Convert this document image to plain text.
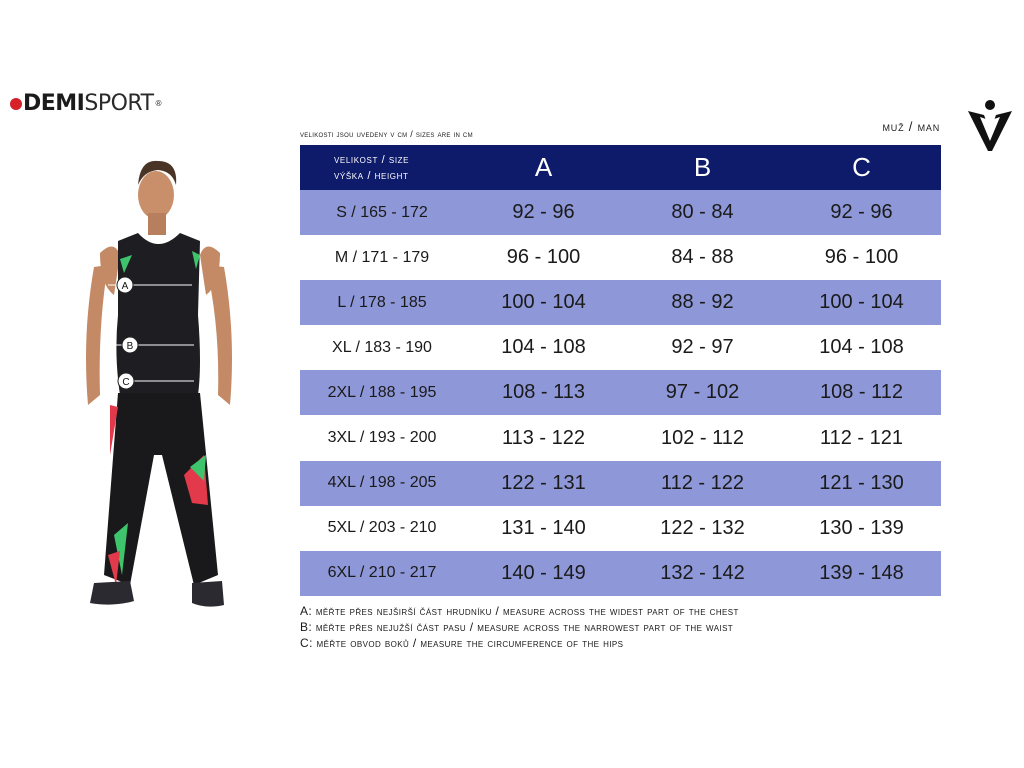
DEMI SPORT ®
A
B
C
velikosti jsou uvedeny v cm / sizes are in cm	muž / man
velikost / size
výška / height	A	B	C
S / 165 - 172	92 - 96	80 - 84	92 - 96
M / 171 - 179	96 - 100	84 - 88	96 - 100
L / 178 - 185	100 - 104	88 - 92	100 - 104
XL / 183 - 190	104 - 108	92 - 97	104 - 108
2XL / 188 - 195	108 - 113	97 - 102	108 - 112
3XL / 193 - 200	113 - 122	102 - 112	112 - 121
4XL / 198 - 205	122 - 131	112 - 122	121 - 130
5XL / 203 - 210	131 - 140	122 - 132	130 - 139
6XL / 210 - 217	140 - 149	132 - 142	139 - 148
A: měřte přes nejširší část hrudníku / measure across the widest part of the chest
B: měřte přes nejužší část pasu / measure across the narrowest part of the waist
C: měřte obvod boků / measure the circumference of the hips
